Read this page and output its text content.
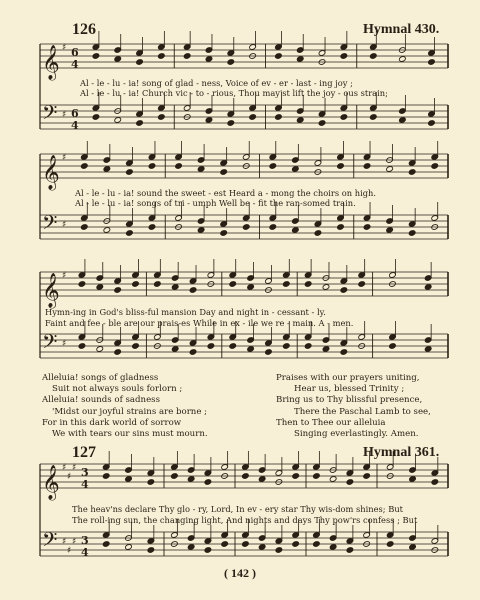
126	Hymnal 430.
𝄞
𝄢
♯
♯
6
4
6
4
𝄞
𝄢
♯
♯
𝄞
𝄢
♯
♯
𝄞
𝄢
♯
♯
♯
♯
♯
♯
3
4
3
4
Al - le - lu - ia! song of glad - ness, Voice of ev - er - last - ing joy ;
Al - le - lu - ia! Church vic - to - rious, Thou may'st lift the joy - ous strain;
Al - le - lu - ia! sound the sweet - est Heard a - mong the choirs on high.
Al - le - lu - ia! songs of tri - umph Well be - fit the ran-somed train.
Hymn-ing in God's bliss-ful mansion Day and night in - cessant - ly.
Faint and fee - ble are our prais-es While in ex - ile we re - main. A - men.
Alleluia! songs of gladness
Suit not always souls forlorn ;
Alleluia! sounds of sadness
'Midst our joyful strains are borne ;
For in this dark world of sorrow
We with tears our sins must mourn.
Praises with our prayers uniting,
Hear us, blessed Trinity ;
Bring us to Thy blissful presence,
There the Paschal Lamb to see,
Then to Thee our alleluia
Singing everlastingly. Amen.
127	Hymnal 361.
The heav'ns declare Thy glo - ry, Lord, In ev - ery star Thy wis-dom shines; But
The roll-ing sun, the changing light, And nights and days Thy pow'rs confess ; But
( 142 )
